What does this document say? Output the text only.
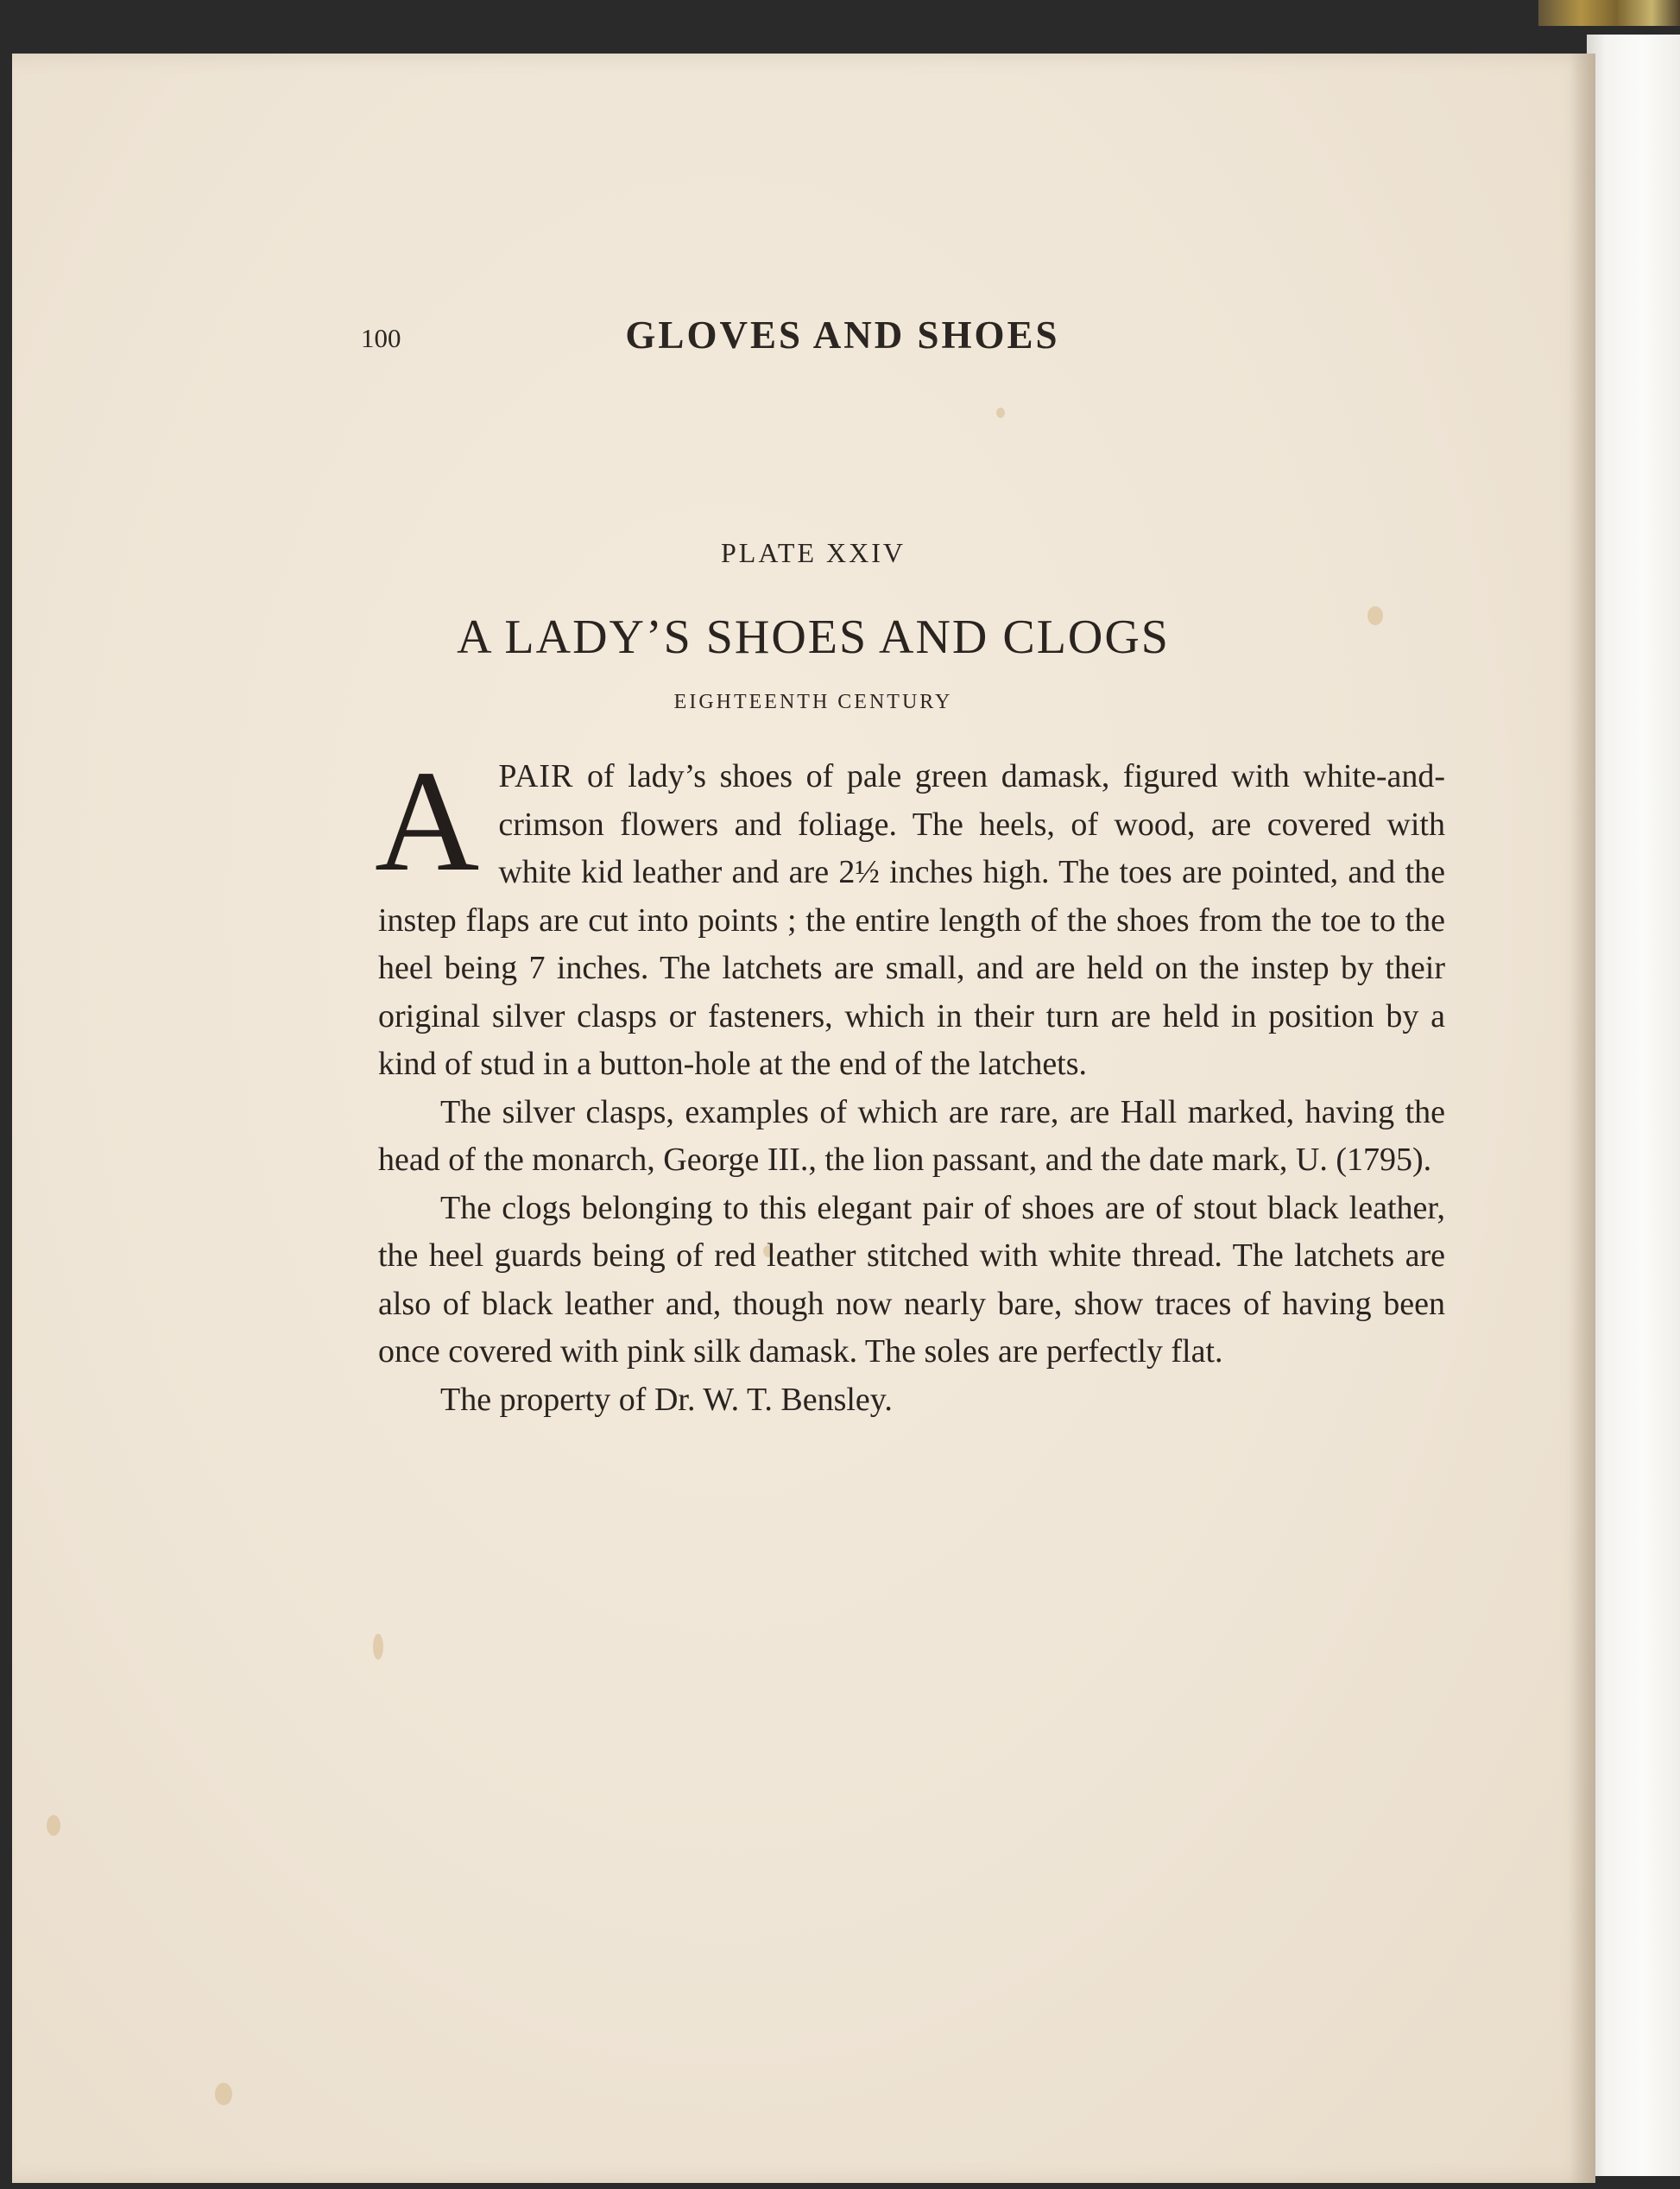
100	GLOVES AND SHOES
PLATE XXIV
A LADY’S SHOES AND CLOGS
EIGHTEENTH CENTURY

APAIR of lady’s shoes of pale green damask, figured with white-and-crimson flowers and foliage. The heels, of wood, are covered with white kid leather and are 2½ inches high. The toes are pointed, and the instep flaps are cut into points ; the entire length of the shoes from the toe to the heel being 7 inches. The latchets are small, and are held on the instep by their original silver clasps or fasteners, which in their turn are held in position by a kind of stud in a button-hole at the end of the latchets.

The silver clasps, examples of which are rare, are Hall marked, having the head of the monarch, George III., the lion passant, and the date mark, U. (1795).

The clogs belonging to this elegant pair of shoes are of stout black leather, the heel guards being of red leather stitched with white thread. The latchets are also of black leather and, though now nearly bare, show traces of having been once covered with pink silk damask. The soles are perfectly flat.

The property of Dr. W. T. Bensley.
